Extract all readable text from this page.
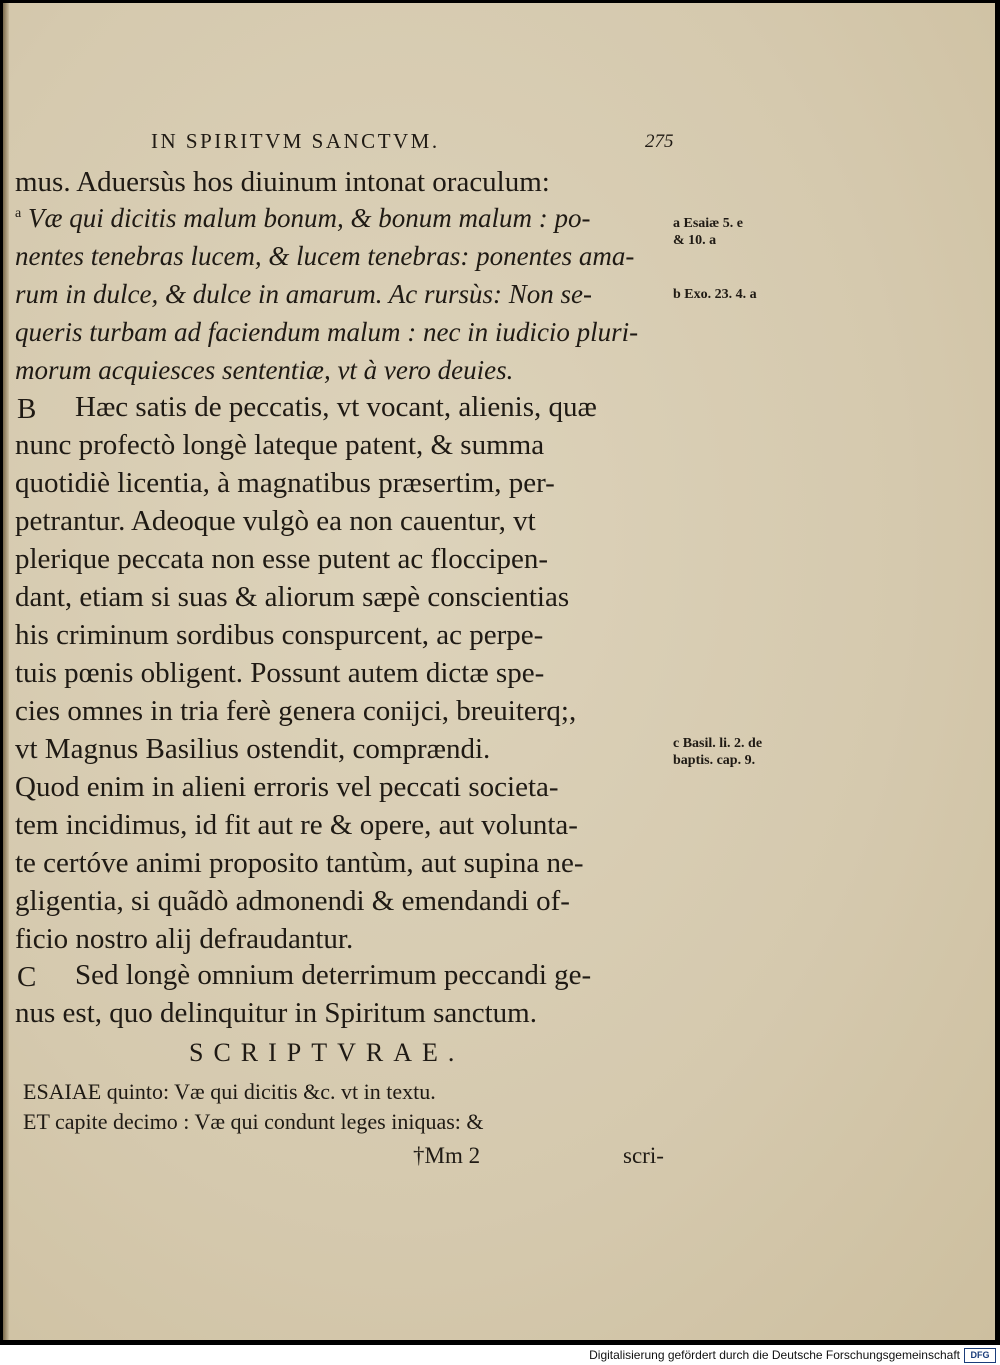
IN SPIRITVM SANCTVM.	275
mus. Aduersùs hos diuinum intonat oraculum:
$^a$ Væ qui dicitis malum bonum, & bonum malum : po-
nentes tenebras lucem, & lucem tenebras: ponentes ama-
rum in dulce, & dulce in amarum. Ac rursùs: Non se-
queris turbam ad faciendum malum : nec in iudicio pluri-
morum acquiesces sententiæ, vt à vero deuies.
B Hæc satis de peccatis, vt vocant, alienis, quæ
nunc profectò longè lateque patent, & summa
quotidiè licentia, à magnatibus præsertim, per-
petrantur. Adeoque vulgò ea non cauentur, vt
plerique peccata non esse putent ac floccipen-
dant, etiam si suas & aliorum sæpè conscientias
his criminum sordibus conspurcent, ac perpe-
tuis pœnis obligent. Possunt autem dictæ spe-
cies omnes in tria ferè genera conijci, breuiterq;,
vt Magnus Basilius ostendit, comprændi.
Quod enim in alieni erroris vel peccati societa-
tem incidimus, id fit aut re & opere, aut volunta-
te certóve animi proposito tantùm, aut supina ne-
gligentia, si quãdò admonendi & emendandi of-
ficio nostro alij defraudantur.
C Sed longè omnium deterrimum peccandi ge-
nus est, quo delinquitur in Spiritum sanctum.
a Esaiæ 5. e
& 10. a
b Exo. 23. 4. a
c Basil. li. 2. de
baptis. cap. 9.
SCRIPTVRAE.
ESAIAE quinto: Væ qui dicitis &c. vt in textu.
ET capite decimo : Væ qui condunt leges iniquas: &
†Mm 2	scri-
Digitalisierung gefördert durch die Deutsche Forschungsgemeinschaft	DFG
